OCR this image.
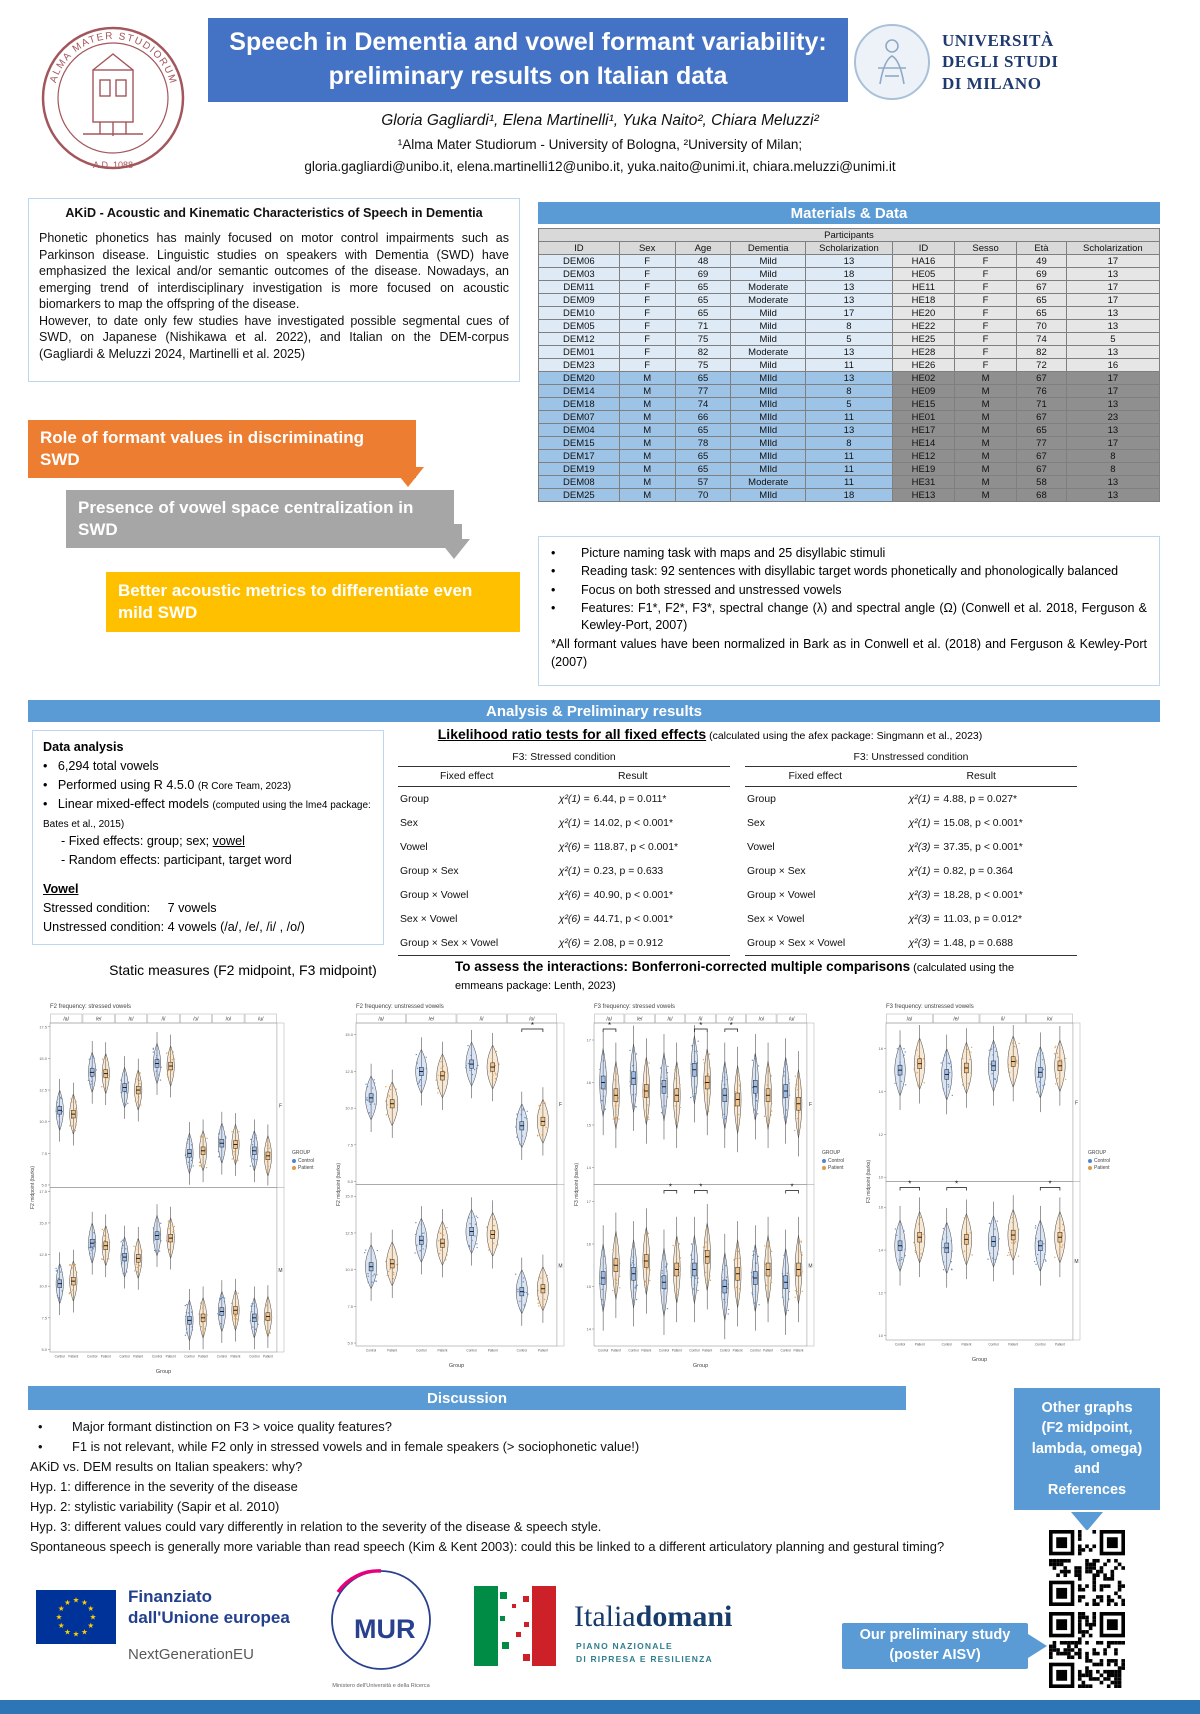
ALMA MATER STUDIORUM
A.D. 1088
Speech in Dementia and vowel formant variability:
preliminary results on Italian data
UNIVERSITÀ
DEGLI STUDI
DI MILANO
Gloria Gagliardi¹, Elena Martinelli¹, Yuka Naito², Chiara Meluzzi²
¹Alma Mater Studiorum - University of Bologna, ²University of Milan;
gloria.gagliardi@unibo.it, elena.martinelli12@unibo.it, yuka.naito@unimi.it, chiara.meluzzi@unimi.it
AKiD - Acoustic and Kinematic Characteristics of Speech in Dementia

Phonetic phonetics has mainly focused on motor control impairments such as Parkinson disease. Linguistic studies on speakers with Dementia (SWD) have emphasized the lexical and/or semantic outcomes of the disease. Nowadays, an emerging trend of interdisciplinary investigation is more focused on acoustic biomarkers to map the offspring of the disease.

However, to date only few studies have investigated possible segmental cues of SWD, on Japanese (Nishikawa et al. 2022), and Italian on the DEM-corpus (Gagliardi & Meluzzi 2024, Martinelli et al. 2025)

Role of formant values in discriminating SWD
Presence of vowel space centralization in SWD
Better acoustic metrics to differentiate even mild SWD
Materials & Data
Participants								
ID	Sex	Age	Dementia	Scholarization	ID	Sesso	Età	Scholarization
DEM06	F	48	Mild	13	HA16	F	49	17
DEM03	F	69	Mild	18	HE05	F	69	13
DEM11	F	65	Moderate	13	HE11	F	67	17
DEM09	F	65	Moderate	13	HE18	F	65	17
DEM10	F	65	Mild	17	HE20	F	65	13
DEM05	F	71	Mild	8	HE22	F	70	13
DEM12	F	75	Mild	5	HE25	F	74	5
DEM01	F	82	Moderate	13	HE28	F	82	13
DEM23	F	75	Mild	11	HE26	F	72	16
DEM20	M	65	MIld	13	HE02	M	67	17
DEM14	M	77	MIld	8	HE09	M	76	17
DEM18	M	74	MIld	5	HE15	M	71	13
DEM07	M	66	MIld	11	HE01	M	67	23
DEM04	M	65	MIld	13	HE17	M	65	13
DEM15	M	78	MIld	8	HE14	M	77	17
DEM17	M	65	MIld	11	HE12	M	67	8
DEM19	M	65	MIld	11	HE19	M	67	8
DEM08	M	57	Moderate	11	HE31	M	58	13
DEM25	M	70	MIld	18	HE13	M	68	13
•	Picture naming task with maps and 25 disyllabic stimuli
•	Reading task: 92 sentences with disyllabic target words phonetically and phonologically balanced
•	Focus on both stressed and unstressed vowels
•	Features: F1*, F2*, F3*, spectral change (λ) and spectral angle (Ω) (Conwell et al. 2018, Ferguson & Kewley-Port, 2007)
*All formant values have been normalized in Bark as in Conwell et al. (2018) and Ferguson & Kewley-Port (2007)
Analysis & Preliminary results
Data analysis
•   6,294 total vowels
•   Performed using R 4.5.0 (R Core Team, 2023)
•   Linear mixed-effect models (computed using the lme4 package: Bates et al., 2015)
- Fixed effects: group; sex; vowel
- Random effects: participant, target word
Vowel
Stressed condition:     7 vowels
Unstressed condition: 4 vowels (/a/, /e/, /i/ , /o/)
Likelihood ratio tests for all fixed effects (calculated using the afex package: Singmann et al., 2023)
F3: Stressed condition
Fixed effect	Result
Group	χ²(1) = 6.44, p = 0.011*

Sex	χ²(1) = 14.02, p < 0.001*

Vowel	χ²(6) = 118.87, p < 0.001*

Group × Sex	χ²(1) = 0.23, p = 0.633

Group × Vowel	χ²(6) = 40.90, p < 0.001*

Sex × Vowel	χ²(6) = 44.71, p < 0.001*

Group × Sex × Vowel	χ²(6) = 2.08, p = 0.912
F3: Unstressed condition
Fixed effect	Result
Group	χ²(1) = 4.88, p = 0.027*

Sex	χ²(1) = 15.08, p < 0.001*

Vowel	χ²(3) = 37.35, p < 0.001*

Group × Sex	χ²(1) = 0.82, p = 0.364

Group × Vowel	χ²(3) = 18.28, p < 0.001*

Sex × Vowel	χ²(3) = 11.03, p = 0.012*

Group × Sex × Vowel	χ²(3) = 1.48, p = 0.688
Static measures (F2 midpoint, F3 midpoint)	To assess the interactions: Bonferroni-corrected multiple comparisons (calculated using the emmeans package: Lenth, 2023)
F2 frequency: stressed vowels
/a/	/e/	/ɛ/	/i/	/ɔ/	/o/	/u/
17.5
15.0
12.5
10.0
7.5
5.0
F
17.5
15.0
12.5
10.0
7.5
5.0
M
Control Patient	Control Patient	Control Patient	Control Patient	Control Patient	Control Patient	Control Patient
Group
F2 midpoint (barks)
GROUP
Control
Patient
F2 frequency: unstressed vowels
/a/	/e/	/i/	/o/
15.0
12.5
10.0
7.5
5.0
F
15.0
12.5
10.0
7.5
5.0
M
Control	Patient	Control	Patient	Control	Patient	Control	Patient
*
Group
F2 midpoint (barks)
F3 frequency: stressed vowels
/a/	/e/	/ɛ/	/i/	/ɔ/	/o/	/u/
17
16
15
14
F
17
16
15
14
M
Control Patient Control Patient Control Patient Control Patient Control Patient Control Patient Control Patient
*	*	*
*	*	*
Group
F3 midpoint (barks)
GROUP
Control
Patient
F3 frequency: unstressed vowels
/a/	/e/	/i/	/o/
16
14
12
10
F
16
14
12
10
M
Control	Patient	Control	Patient	Control	Patient	Control	Patient
*	*	*
Group
F3 midpoint (barks)
GROUP
Control
Patient
Discussion
•	Major formant distinction on F3 > voice quality features?
•	F1 is not relevant, while F2 only in stressed vowels and in female speakers (> sociophonetic value!)
AKiD vs. DEM results on Italian speakers: why?
Hyp. 1: difference in the severity of the disease
Hyp. 2: stylistic variability (Sapir et al. 2010)
Hyp. 3: different values could vary differently in relation to the severity of the disease & speech style.
Spontaneous speech is generally more variable than read speech (Kim & Kent 2003): could this be linked to a different articulatory planning and gestural timing?
Other graphs
(F2 midpoint,
lambda, omega)
and
References
Our preliminary study
(poster AISV)
★ ★
★
★
★
★
★
★
★
★
★
★	Finanziato
dall'Unione europea
NextGenerationEU
MUR
Ministero dell'Università e della Ricerca
Italiadomani
PIANO NAZIONALE
DI RIPRESA E RESILIENZA
